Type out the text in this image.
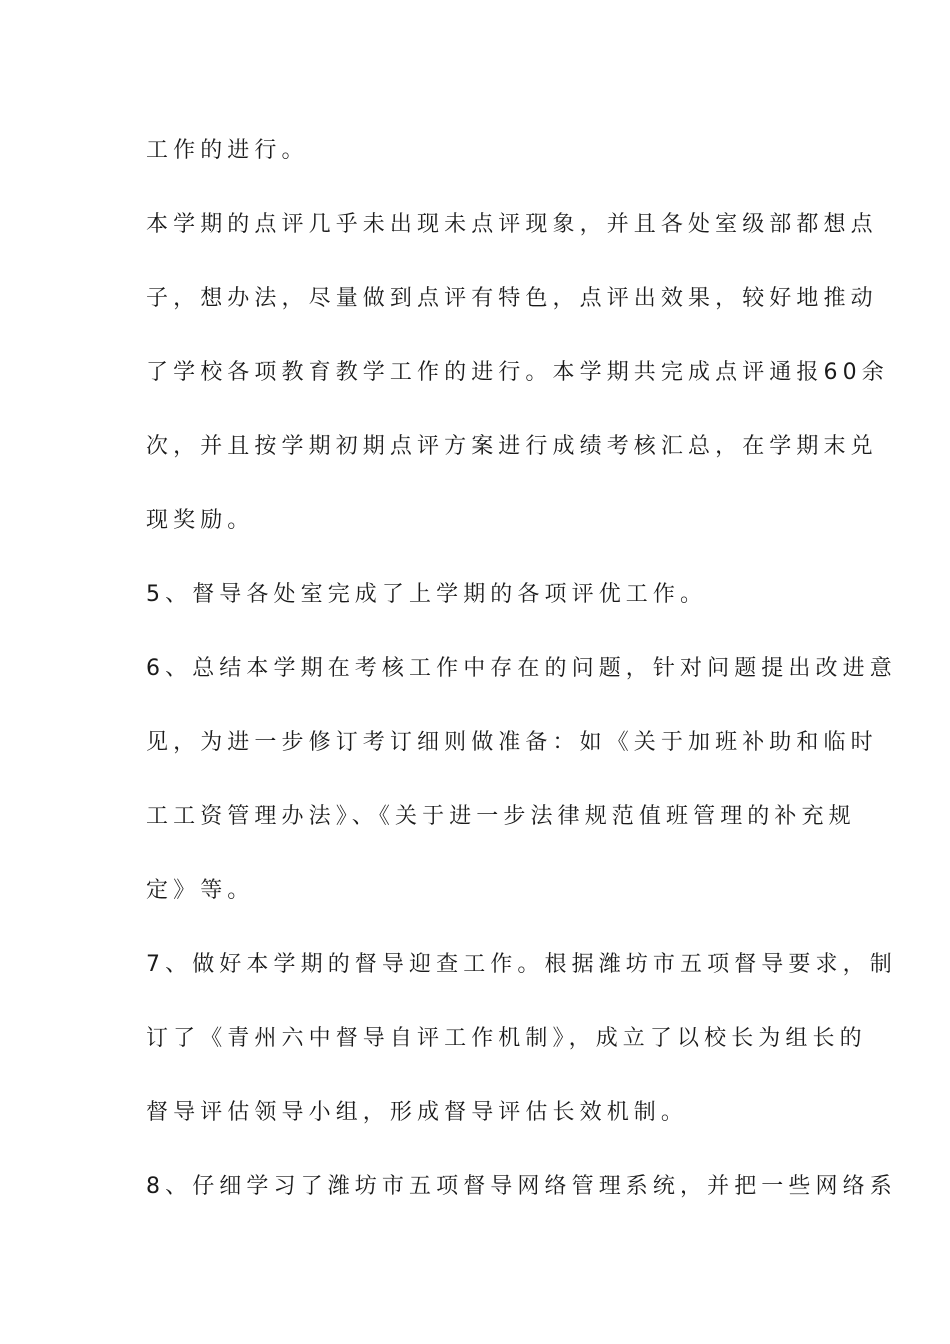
工作的进行。
本学期的点评几乎未出现未点评现象，并且各处室级部都想点
子，想办法，尽量做到点评有特色，点评出效果，较好地推动
了学校各项教育教学工作的进行。本学期共完成点评通报60余
次，并且按学期初期点评方案进行成绩考核汇总，在学期末兑
现奖励。
5、督导各处室完成了上学期的各项评优工作。
6、总结本学期在考核工作中存在的问题，针对问题提出改进意
见，为进一步修订考订细则做准备：如《关于加班补助和临时
工工资管理办法》、《关于进一步法律规范值班管理的补充规
定》等。
7、做好本学期的督导迎查工作。根据潍坊市五项督导要求，制
订了《青州六中督导自评工作机制》，成立了以校长为组长的
督导评估领导小组，形成督导评估长效机制。
8、仔细学习了潍坊市五项督导网络管理系统，并把一些网络系
